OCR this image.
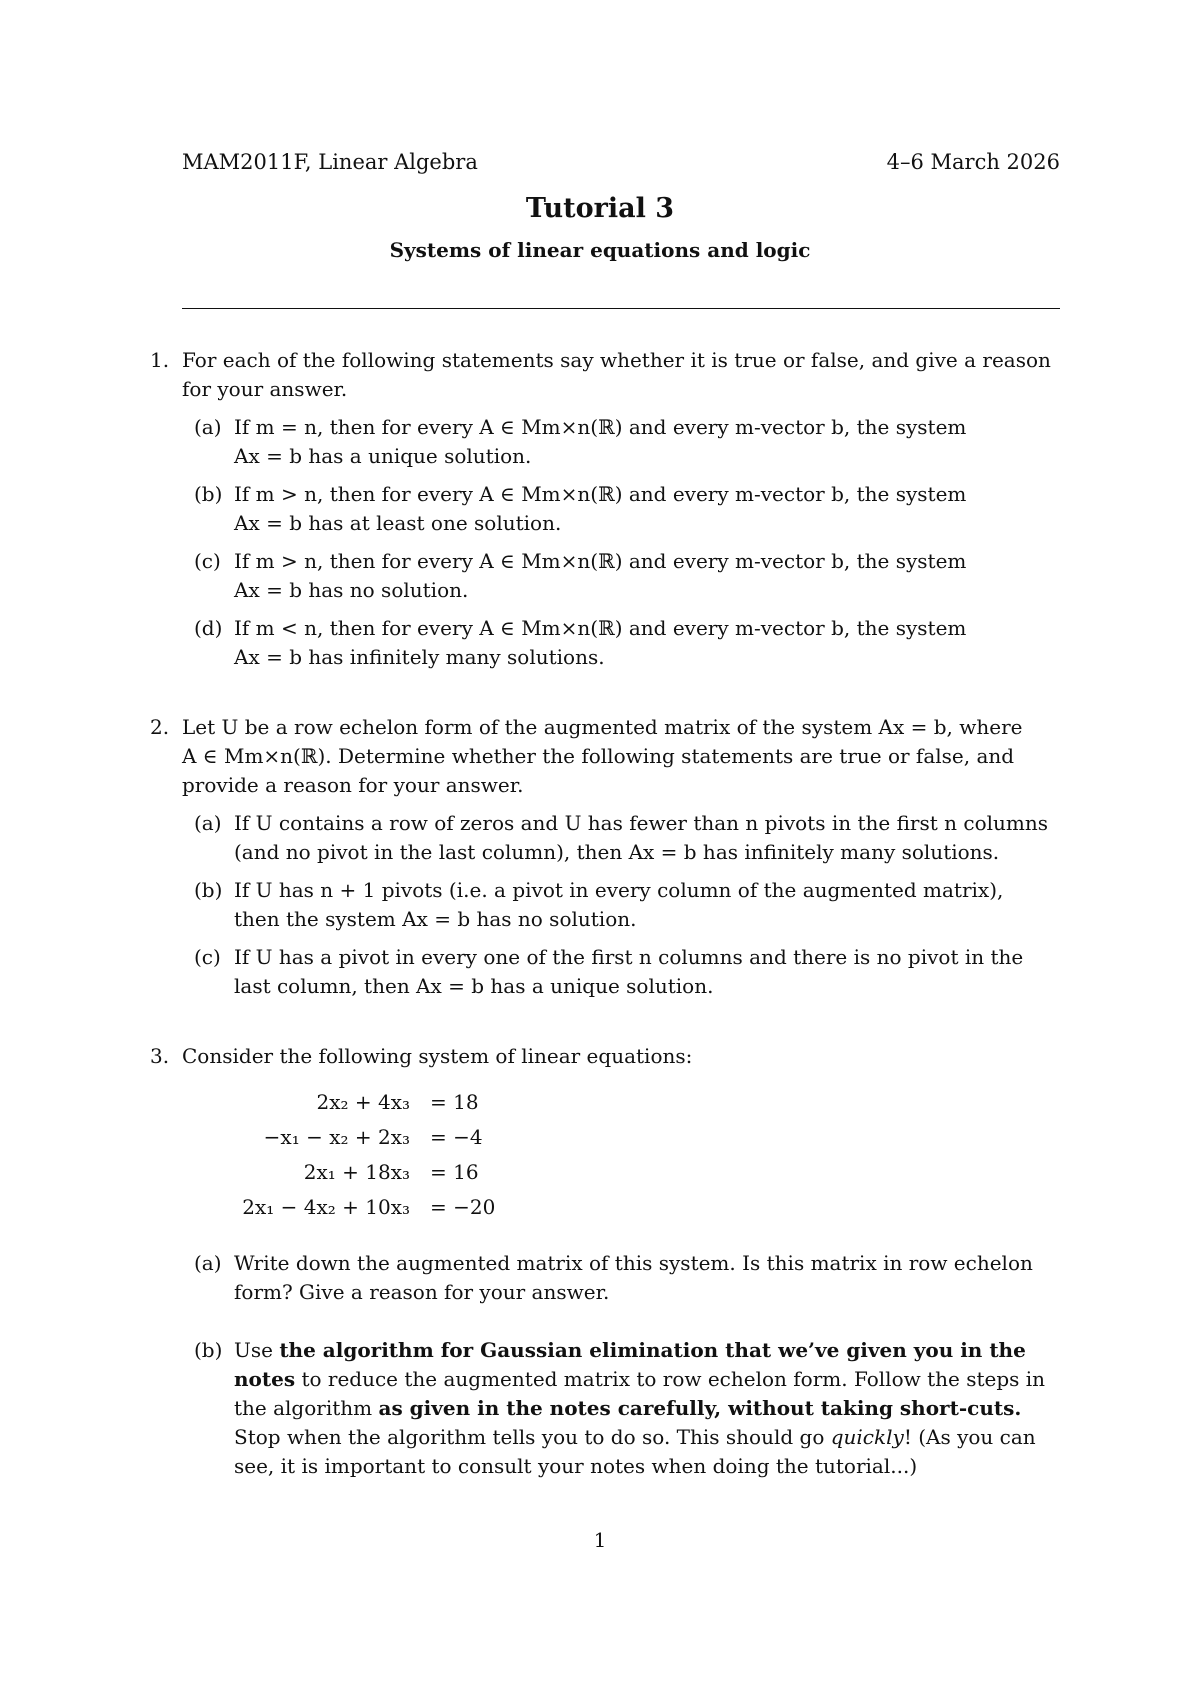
MAM2011F, Linear Algebra	4–6 March 2026
Tutorial 3
Systems of linear equations and logic
1. For each of the following statements say whether it is true or false, and give a reason
for your answer.
(a) If m = n, then for every A ∈ Mm×n(ℝ) and every m-vector b, the system
Ax = b has a unique solution.
(b) If m > n, then for every A ∈ Mm×n(ℝ) and every m-vector b, the system
Ax = b has at least one solution.
(c) If m > n, then for every A ∈ Mm×n(ℝ) and every m-vector b, the system
Ax = b has no solution.
(d) If m < n, then for every A ∈ Mm×n(ℝ) and every m-vector b, the system
Ax = b has infinitely many solutions.
2. Let U be a row echelon form of the augmented matrix of the system Ax = b, where
A ∈ Mm×n(ℝ). Determine whether the following statements are true or false, and
provide a reason for your answer.
(a) If U contains a row of zeros and U has fewer than n pivots in the first n columns
(and no pivot in the last column), then Ax = b has infinitely many solutions.
(b) If U has n + 1 pivots (i.e. a pivot in every column of the augmented matrix),
then the system Ax = b has no solution.
(c) If U has a pivot in every one of the first n columns and there is no pivot in the
last column, then Ax = b has a unique solution.
3. Consider the following system of linear equations:
2x₂ + 4x₃ = 18
−x₁ − x₂ + 2x₃ = −4
2x₁ + 18x₃ = 16
2x₁ − 4x₂ + 10x₃ = −20
(a) Write down the augmented matrix of this system. Is this matrix in row echelon
form? Give a reason for your answer.
(b) Use the algorithm for Gaussian elimination that we’ve given you in the
notes to reduce the augmented matrix to row echelon form. Follow the steps in
the algorithm as given in the notes carefully, without taking short-cuts.
Stop when the algorithm tells you to do so. This should go quickly! (As you can
see, it is important to consult your notes when doing the tutorial...)
1
